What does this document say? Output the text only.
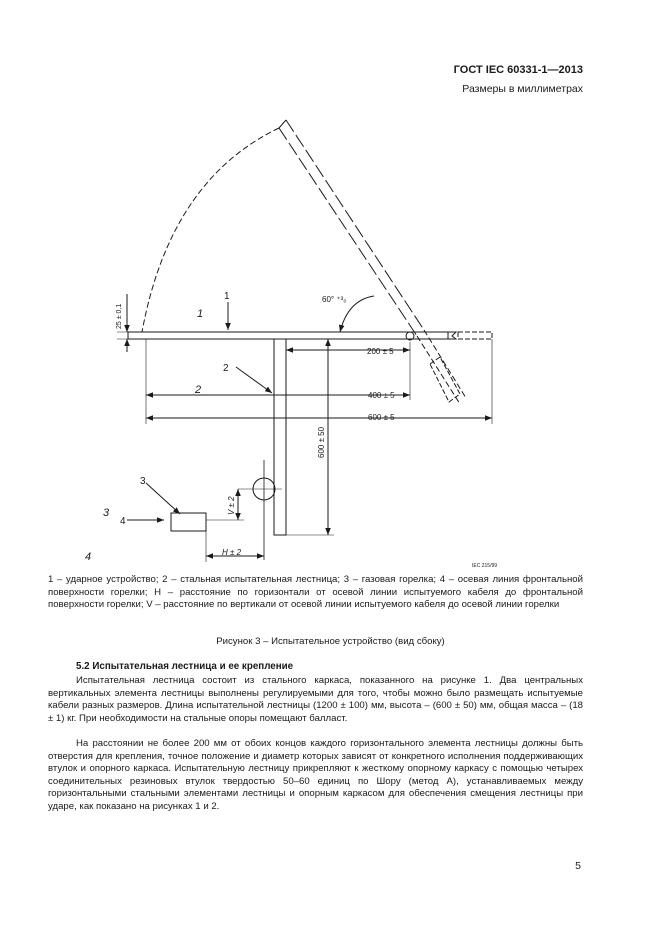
ГОСТ IEC 60331-1—2013
Размеры в миллиметрах
1
2
3
4
1
2
3
4
60° ⁺³₀
25 ± 0,1
200 ± 5
400 ± 5
600 ± 5
600 ± 50
V ± 2
H ± 2
IEC 215/99
1 – ударное устройство; 2 – стальная испытательная лестница; 3 – газовая горелка; 4 – осевая линия фронтальной поверхности горелки; H – расстояние по горизонтали от осевой линии испытуемого кабеля до фронтальной поверхности горелки; V – расстояние по вертикали от осевой линии испытуемого кабеля до осевой линии горелки
Рисунок 3 – Испытательное устройство (вид сбоку)
5.2 Испытательная лестница и ее крепление
Испытательная лестница состоит из стального каркаса, показанного на рисунке 1. Два центральных вертикальных элемента лестницы выполнены регулируемыми для того, чтобы можно было размещать испытуемые кабели разных размеров. Длина испытательной лестницы (1200 ± 100) мм, высота – (600 ± 50) мм, общая масса – (18 ± 1) кг. При необходимости на стальные опоры помещают балласт.
На расстоянии не более 200 мм от обоих концов каждого горизонтального элемента лестницы должны быть отверстия для крепления, точное положение и диаметр которых зависят от конкретного исполнения поддерживающих втулок и опорного каркаса. Испытательную лестницу прикрепляют к жесткому опорному каркасу с помощью четырех соединительных резиновых втулок твердостью 50–60 единиц по Шору (метод А), устанавливаемых между горизонтальными стальными элементами лестницы и опорным каркасом для обеспечения смещения лестницы при ударе, как показано на рисунках 1 и 2.
5
